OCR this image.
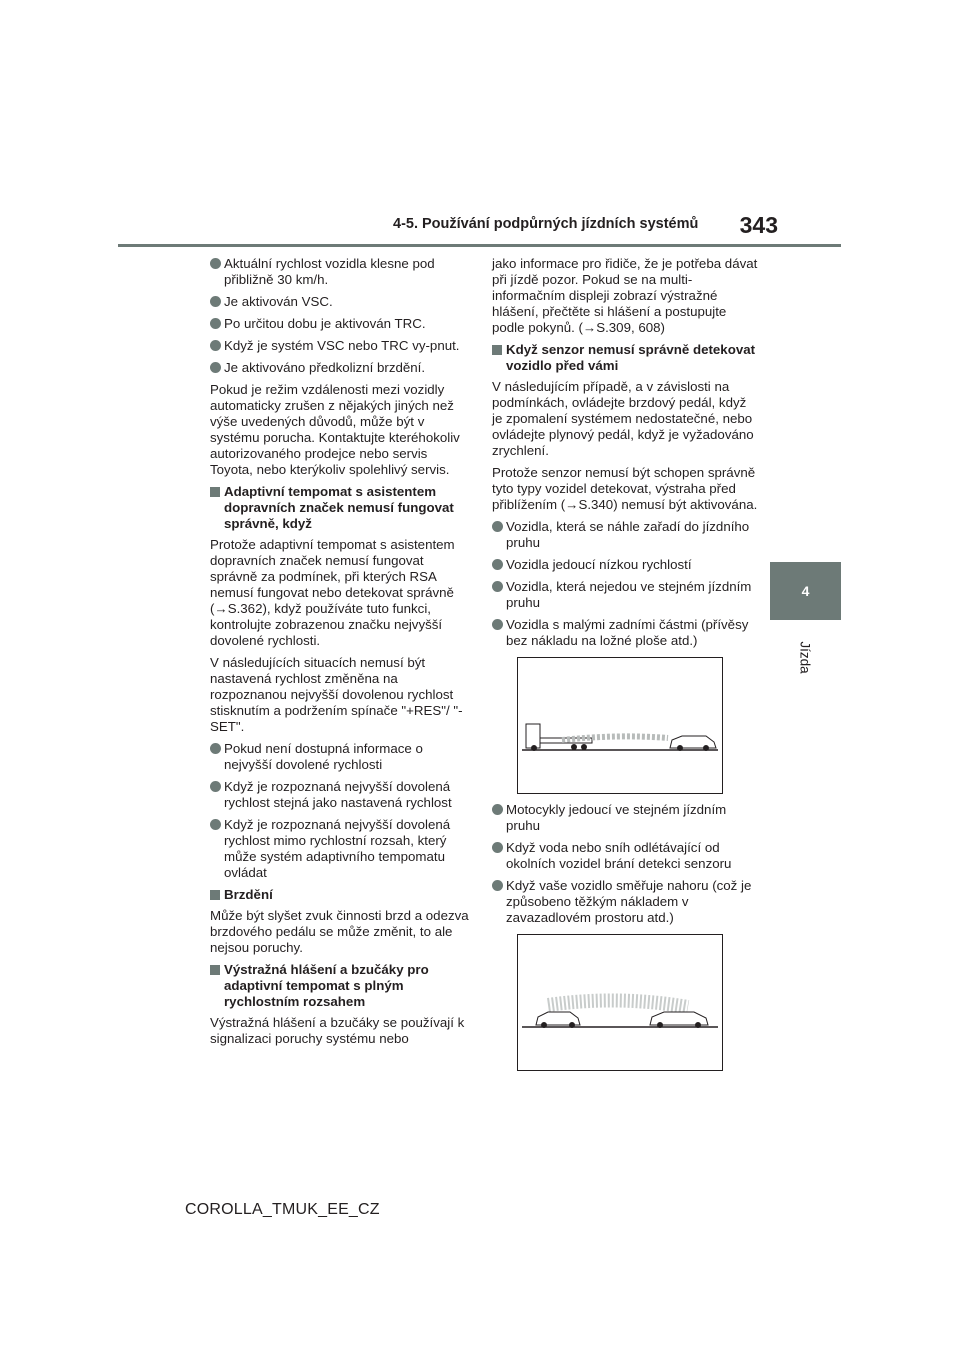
4-5. Používání podpůrných jízdních systémů	343
4
Jízda
Aktuální rychlost vozidla klesne pod přibližně 30 km/h.
Je aktivován VSC.
Po určitou dobu je aktivován TRC.
Když je systém VSC nebo TRC vy-pnut.
Je aktivováno předkolizní brzdění.

Pokud je režim vzdálenosti mezi vozidly automaticky zrušen z nějakých jiných než výše uvedených důvodů, může být v systému porucha. Kontaktujte kteréhokoliv autorizovaného prodejce nebo servis Toyota, nebo kterýkoliv spolehlivý servis.

Adaptivní tempomat s asistentem dopravních značek nemusí fungovat správně, když

Protože adaptivní tempomat s asistentem dopravních značek nemusí fungovat správně za podmínek, při kterých RSA nemusí fungovat nebo detekovat správně (→S.362), když používáte tuto funkci, kontrolujte zobrazenou značku nejvyšší dovolené rychlosti.

V následujících situacích nemusí být nastavená rychlost změněna na rozpoznanou nejvyšší dovolenou rychlost stisknutím a podržením spínače "+RES"/ "-SET".

Pokud není dostupná informace o nejvyšší dovolené rychlosti
Když je rozpoznaná nejvyšší dovolená rychlost stejná jako nastavená rychlost
Když je rozpoznaná nejvyšší dovolená rychlost mimo rychlostní rozsah, který může systém adaptivního tempomatu ovládat
Brzdění

Může být slyšet zvuk činnosti brzd a odezva brzdového pedálu se může změnit, to ale nejsou poruchy.

Výstražná hlášení a bzučáky pro adaptivní tempomat s plným rychlostním rozsahem

Výstražná hlášení a bzučáky se používají k signalizaci poruchy systému nebo

jako informace pro řidiče, že je potřeba dávat při jízdě pozor. Pokud se na multi-informačním displeji zobrazí výstražné hlášení, přečtěte si hlášení a postupujte podle pokynů. (→S.309, 608)

Když senzor nemusí správně detekovat vozidlo před vámi

V následujícím případě, a v závislosti na podmínkách, ovládejte brzdový pedál, když je zpomalení systémem nedostatečné, nebo ovládejte plynový pedál, když je vyžadováno zrychlení.

Protože senzor nemusí být schopen správně tyto typy vozidel detekovat, výstraha před přiblížením (→S.340) nemusí být aktivována.

Vozidla, která se náhle zařadí do jízdního pruhu
Vozidla jedoucí nízkou rychlostí
Vozidla, která nejedou ve stejném jízdním pruhu
Vozidla s malými zadními částmi (přívěsy bez nákladu na ložné ploše atd.)
Motocykly jedoucí ve stejném jízdním pruhu
Když voda nebo sníh odlétávající od okolních vozidel brání detekci senzoru
Když vaše vozidlo směřuje nahoru (což je způsobeno těžkým nákladem v zavazadlovém prostoru atd.)
COROLLA_TMUK_EE_CZ
